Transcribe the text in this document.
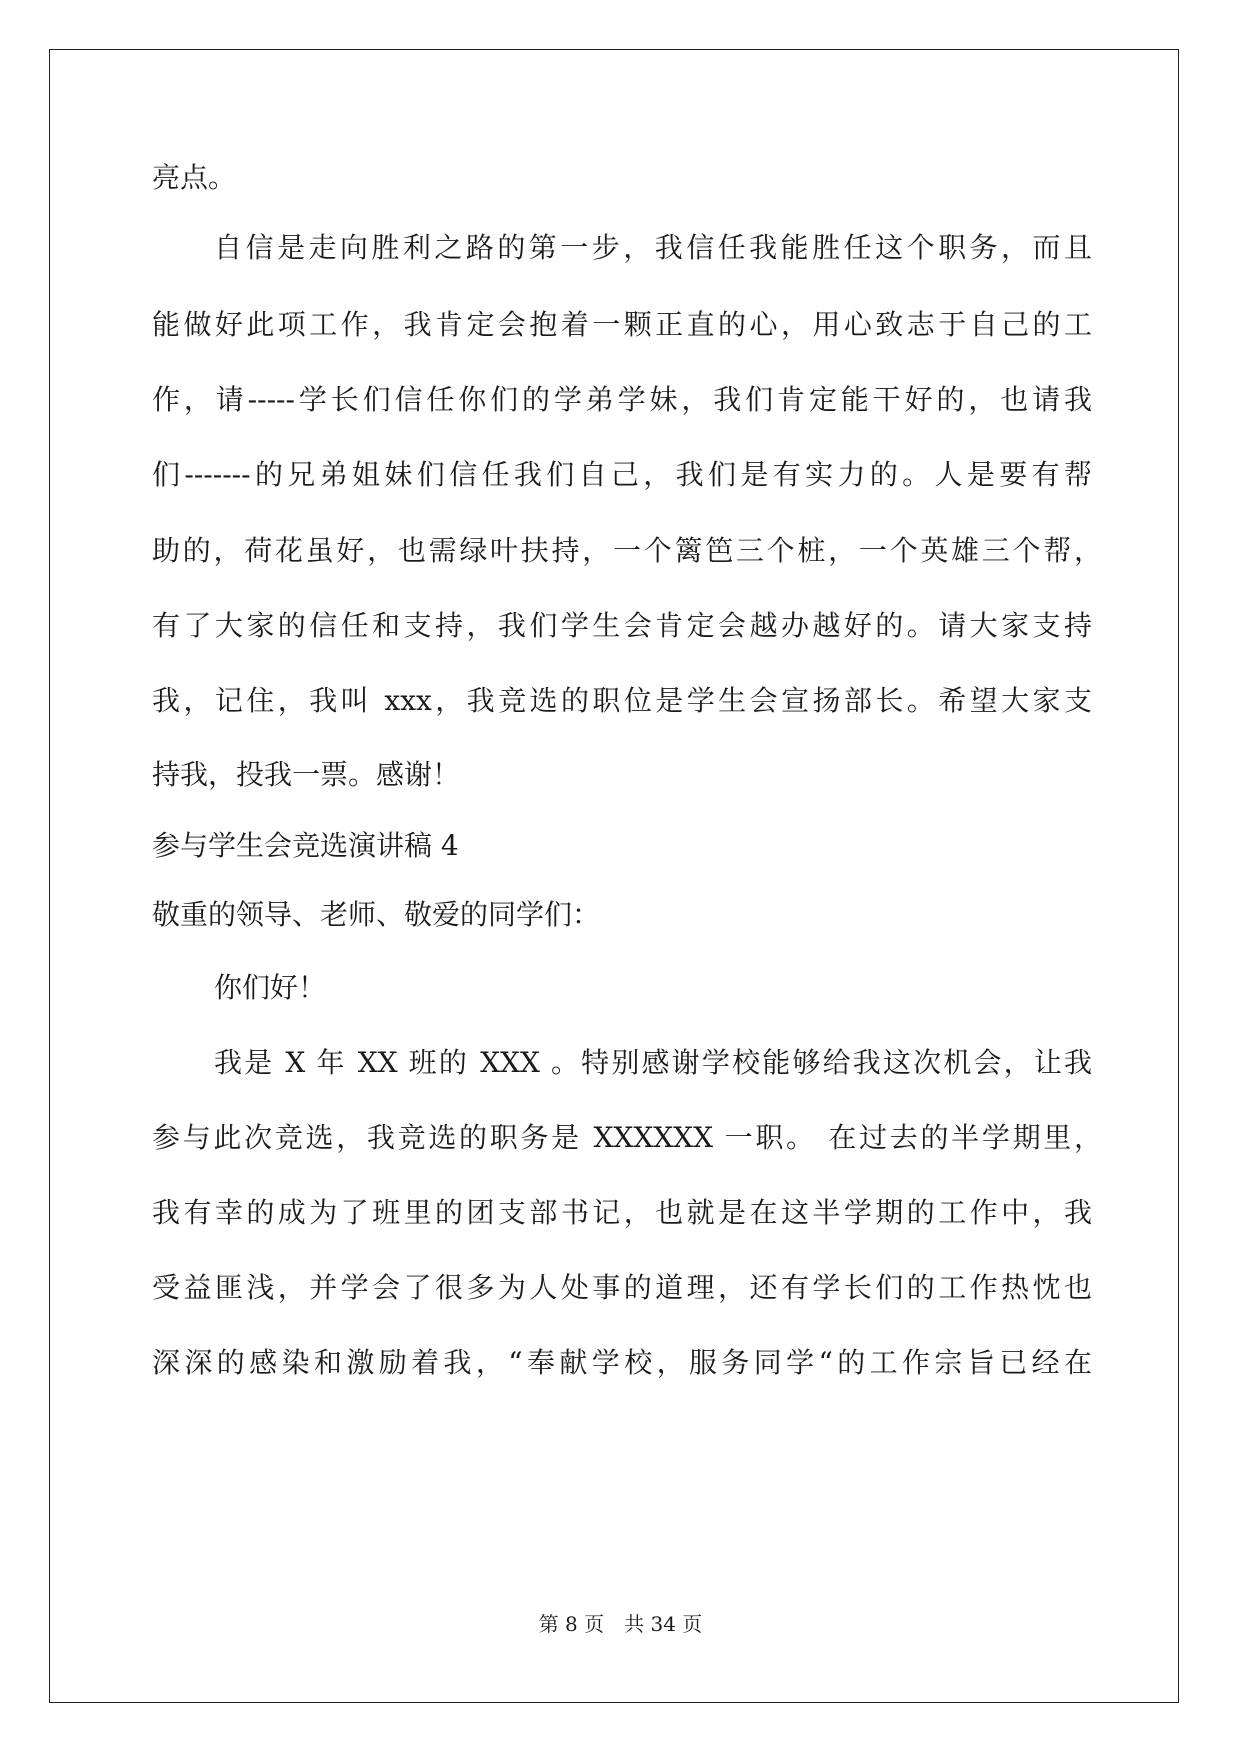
亮点。
自信是走向胜利之路的第一步，我信任我能胜任这个职务，而且
能做好此项工作，我肯定会抱着一颗正直的心，用心致志于自己的工
作，请-----学长们信任你们的学弟学妹，我们肯定能干好的，也请我
们-------的兄弟姐妹们信任我们自己，我们是有实力的。人是要有帮
助的，荷花虽好，也需绿叶扶持，一个篱笆三个桩，一个英雄三个帮，
有了大家的信任和支持，我们学生会肯定会越办越好的。请大家支持
我，记住，我叫 xxx，我竞选的职位是学生会宣扬部长。希望大家支
持我，投我一票。感谢！
参与学生会竞选演讲稿 4
敬重的领导、老师、敬爱的同学们：
你们好！
我是 X 年 XX 班的 XXX 。特别感谢学校能够给我这次机会，让我
参与此次竞选，我竞选的职务是 XXXXXX 一职。 在过去的半学期里，
我有幸的成为了班里的团支部书记，也就是在这半学期的工作中，我
受益匪浅，并学会了很多为人处事的道理，还有学长们的工作热忱也
深深的感染和激励着我，“奉献学校，服务同学“的工作宗旨已经在
第 8 页　共 34 页
